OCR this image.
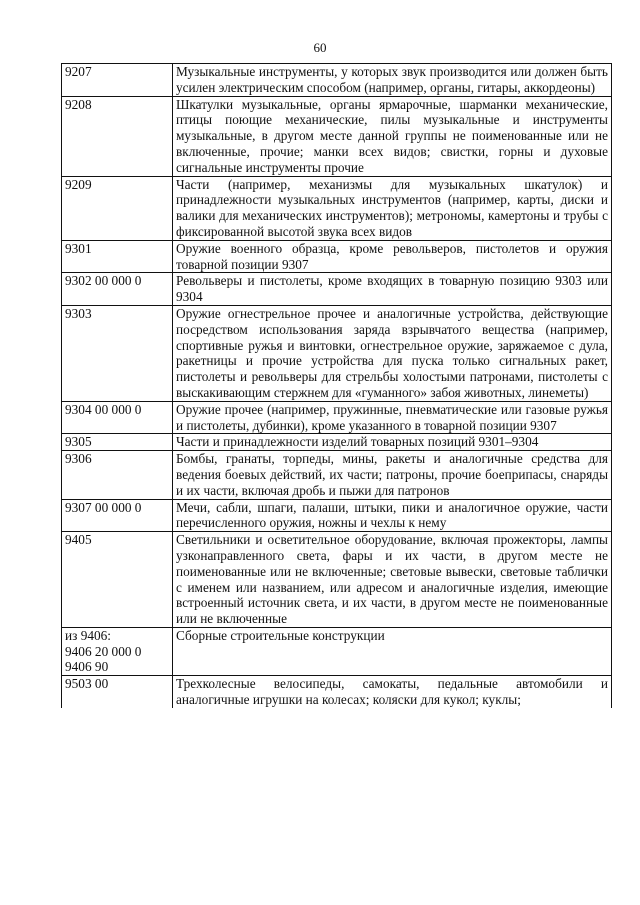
60
9207	Музыкальные инструменты, у которых звук производится или должен быть усилен электрическим способом (например, органы, гитары, аккордеоны)

9208	Шкатулки музыкальные, органы ярмарочные, шарманки механические, птицы поющие механические, пилы музыкальные и инструменты музыкальные, в другом месте данной группы не поименованные или не включенные, прочие; манки всех видов; свистки, горны и духовые сигнальные инструменты прочие

9209	Части (например, механизмы для музыкальных шкатулок) и принадлежности музыкальных инструментов (например, карты, диски и валики для механических инструментов); метрономы, камертоны и трубы с фиксированной высотой звука всех видов

9301	Оружие военного образца, кроме револьверов, пистолетов и оружия товарной позиции 9307

9302 00 000 0	Револьверы и пистолеты, кроме входящих в товарную позицию 9303 или 9304

9303	Оружие огнестрельное прочее и аналогичные устройства, действующие посредством использования заряда взрывчатого вещества (например, спортивные ружья и винтовки, огнестрельное оружие, заряжаемое с дула, ракетницы и прочие устройства для пуска только сигнальных ракет, пистолеты и револьверы для стрельбы холостыми патронами, пистолеты с выскакивающим стержнем для «гуманного» забоя животных, линеметы)

9304 00 000 0	Оружие прочее (например, пружинные, пневматические или газовые ружья и пистолеты, дубинки), кроме указанного в товарной позиции 9307

9305	Части и принадлежности изделий товарных позиций 9301–9304

9306	Бомбы, гранаты, торпеды, мины, ракеты и аналогичные средства для ведения боевых действий, их части; патроны, прочие боеприпасы, снаряды и их части, включая дробь и пыжи для патронов

9307 00 000 0	Мечи, сабли, шпаги, палаши, штыки, пики и аналогичное оружие, части перечисленного оружия, ножны и чехлы к нему

9405	Светильники и осветительное оборудование, включая прожекторы, лампы узконаправленного света, фары и их части, в другом месте не поименованные или не включенные; световые вывески, световые таблички с именем или названием, или адресом и аналогичные изделия, имеющие встроенный источник света, и их части, в другом месте не поименованные или не включенные

из 9406:
9406 20 000 0
9406 90	Сборные строительные конструкции

9503 00	Трехколесные велосипеды, самокаты, педальные автомобили и аналогичные игрушки на колесах; коляски для кукол; куклы;
